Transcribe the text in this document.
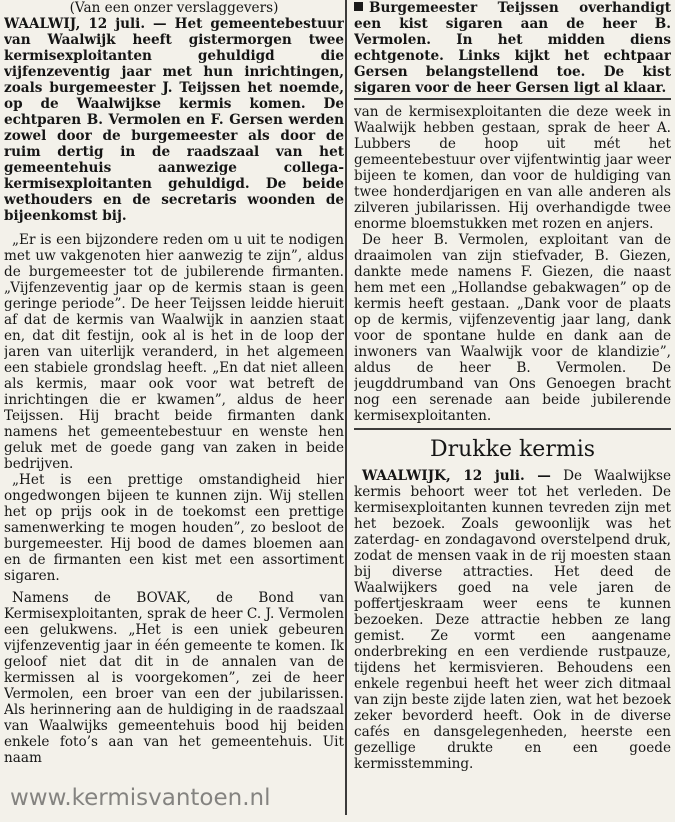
(Van een onzer verslaggevers)

WAALWIJ, 12 juli. — Het gemeentebestuur van Waalwijk heeft gistermorgen twee kermisexploitanten gehuldigd die vijfenzeventig jaar met hun inrichtingen, zoals burgemeester J. Teijssen het noemde, op de Waalwijkse kermis komen. De echtparen B. Vermolen en F. Gersen werden zowel door de burgemeester als door de ruim dertig in de raadszaal van het gemeentehuis aanwezige collega-kermisexploitanten gehuldigd. De beide wethouders en de secretaris woonden de bijeenkomst bij.

„Er is een bijzondere reden om u uit te nodigen met uw vakgenoten hier aanwezig te zijn”, aldus de burgemeester tot de jubilerende firmanten. „Vijfenzeventig jaar op de kermis staan is geen geringe periode”. De heer Teijssen leidde hieruit af dat de kermis van Waalwijk in aanzien staat en, dat dit festijn, ook al is het in de loop der jaren van uiterlijk veranderd, in het algemeen een stabiele grondslag heeft. „En dat niet alleen als kermis, maar ook voor wat betreft de inrichtingen die er kwamen”, aldus de heer Teijssen. Hij bracht beide firmanten dank namens het gemeentebestuur en wenste hen geluk met de goede gang van zaken in beide bedrijven.

„Het is een prettige omstandigheid hier ongedwongen bijeen te kunnen zijn. Wij stellen het op prijs ook in de toekomst een prettige samenwerking te mogen houden”, zo besloot de burgemeester. Hij bood de dames bloemen aan en de firmanten een kist met een assortiment sigaren.

Namens de BOVAK, de Bond van Kermisexploitanten, sprak de heer C. J. Vermolen een gelukwens. „Het is een uniek gebeuren vijfenzeventig jaar in één gemeente te komen. Ik geloof niet dat dit in de annalen van de kermissen al is voorgekomen”, zei de heer Vermolen, een broer van een der jubilarissen. Als herinnering aan de huldiging in de raadszaal van Waalwijks gemeentehuis bood hij beiden enkele foto’s aan van het gemeentehuis. Uit naam

Burgemeester Teijssen overhandigt een kist sigaren aan de heer B. Vermolen. In het midden diens echtgenote. Links kijkt het echtpaar Gersen belangstellend toe. De kist sigaren voor de heer Gersen ligt al klaar.

van de kermisexploitanten die deze week in Waalwijk hebben gestaan, sprak de heer A. Lubbers de hoop uit mét het gemeentebestuur over vijfentwintig jaar weer bijeen te komen, dan voor de huldiging van twee honderdjarigen en van alle anderen als zilveren jubilarissen. Hij overhandigde twee enorme bloemstukken met rozen en anjers.

De heer B. Vermolen, exploitant van de draaimolen van zijn stiefvader, B. Giezen, dankte mede namens F. Giezen, die naast hem met een „Hollandse gebakwagen” op de kermis heeft gestaan. „Dank voor de plaats op de kermis, vijfenzeventig jaar lang, dank voor de spontane hulde en dank aan de inwoners van Waalwijk voor de klandizie”, aldus de heer B. Vermolen. De jeugddrumband van Ons Genoegen bracht nog een serenade aan beide jubilerende kermisexploitanten.

Drukke kermis

WAALWIJK, 12 juli. — De Waalwijkse kermis behoort weer tot het verleden. De kermisexploitanten kunnen tevreden zijn met het bezoek. Zoals gewoonlijk was het zaterdag- en zondagavond overstelpend druk, zodat de mensen vaak in de rij moesten staan bij diverse attracties. Het deed de Waalwijkers goed na vele jaren de poffertjeskraam weer eens te kunnen bezoeken. Deze attractie hebben ze lang gemist. Ze vormt een aangename onderbreking en een verdiende rustpauze, tijdens het kermisvieren. Behoudens een enkele regenbui heeft het weer zich ditmaal van zijn beste zijde laten zien, wat het bezoek zeker bevorderd heeft. Ook in de diverse cafés en dansgelegenheden, heerste een gezellige drukte en een goede kermisstemming.

www.kermisvantoen.nl
